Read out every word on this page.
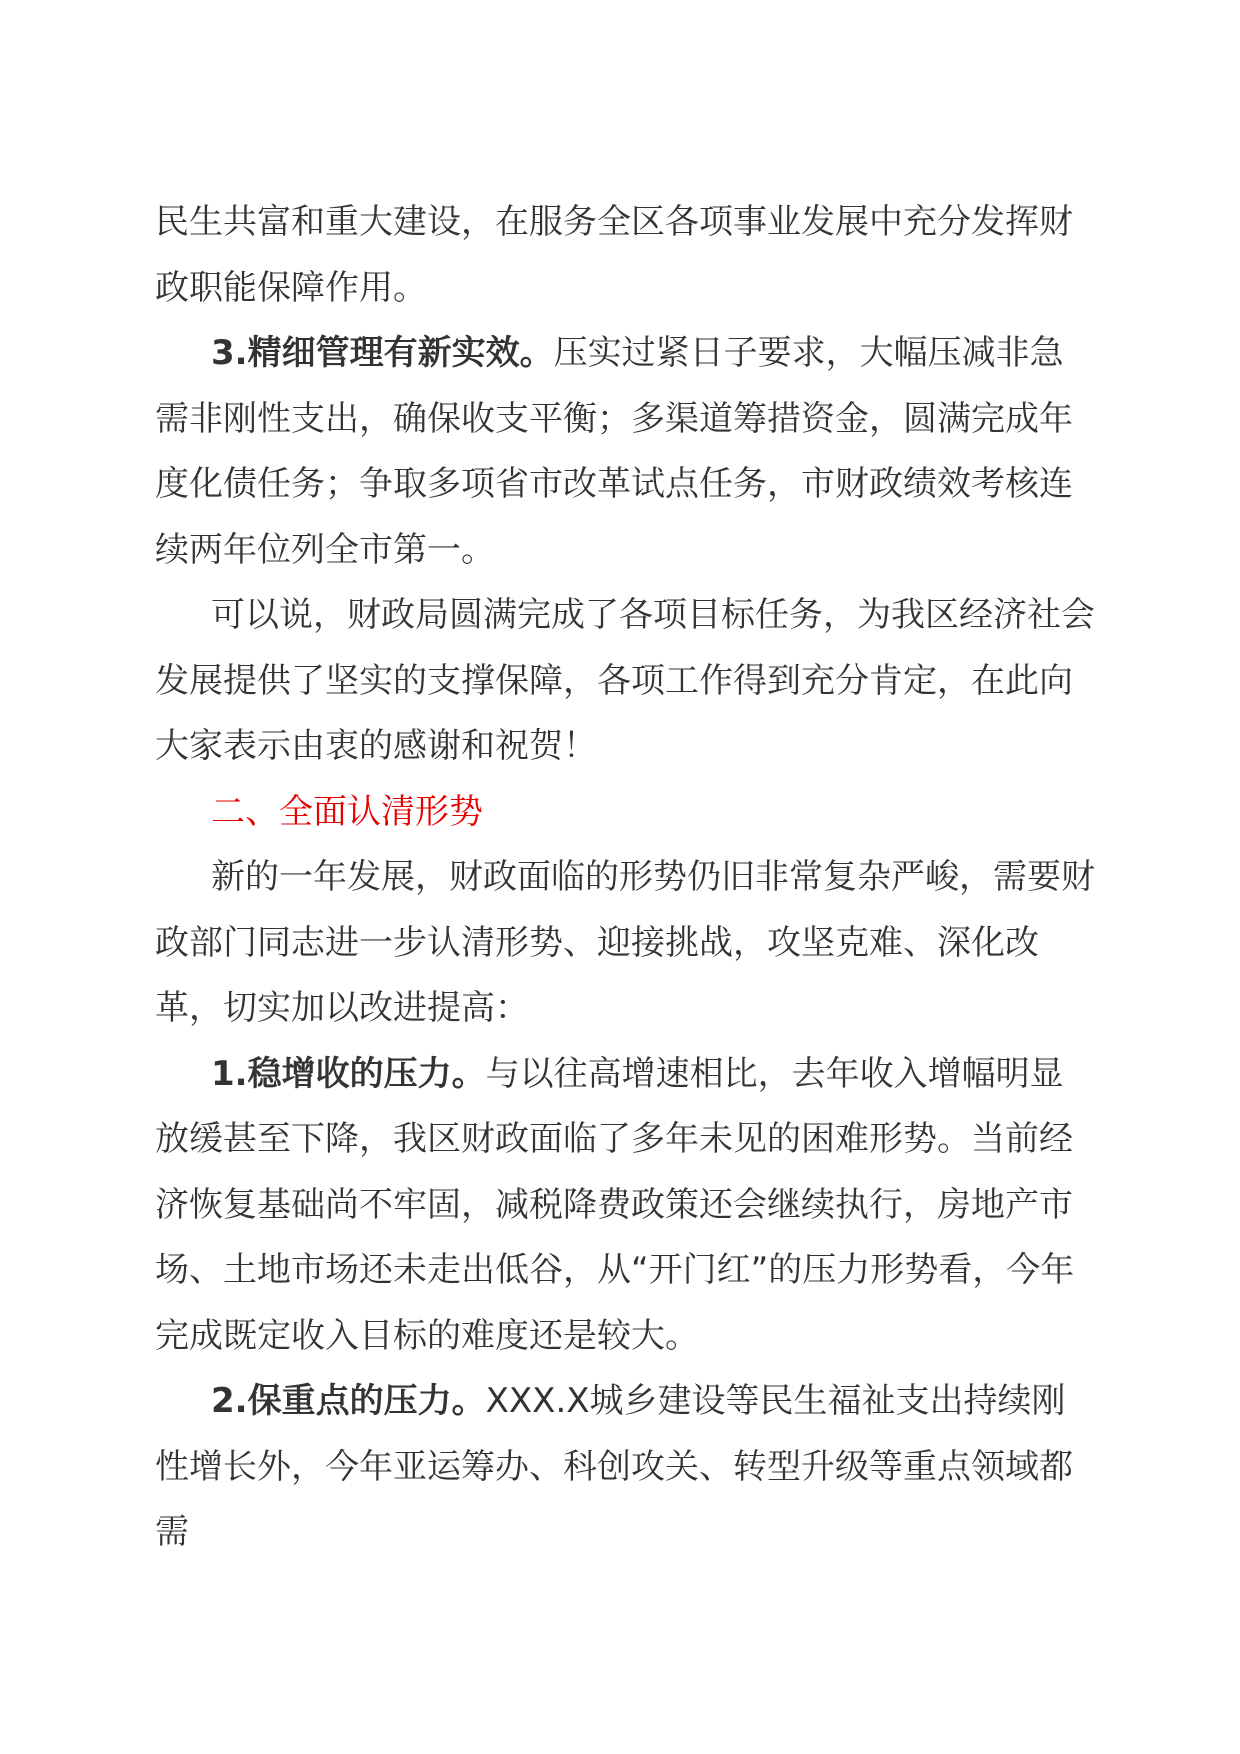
民生共富和重大建设，在服务全区各项事业发展中充分发挥财政职能保障作用。

3.精细管理有新实效。压实过紧日子要求，大幅压减非急需非刚性支出，确保收支平衡；多渠道筹措资金，圆满完成年度化债任务；争取多项省市改革试点任务，市财政绩效考核连续两年位列全市第一。

可以说，财政局圆满完成了各项目标任务，为我区经济社会发展提供了坚实的支撑保障，各项工作得到充分肯定，在此向大家表示由衷的感谢和祝贺！

二、全面认清形势

新的一年发展，财政面临的形势仍旧非常复杂严峻，需要财政部门同志进一步认清形势、迎接挑战，攻坚克难、深化改革，切实加以改进提高：

1.稳增收的压力。与以往高增速相比，去年收入增幅明显放缓甚至下降，我区财政面临了多年未见的困难形势。当前经济恢复基础尚不牢固，减税降费政策还会继续执行，房地产市场、土地市场还未走出低谷，从“开门红”的压力形势看，今年完成既定收入目标的难度还是较大。

2.保重点的压力。XXX.X城乡建设等民生福祉支出持续刚性增长外，今年亚运筹办、科创攻关、转型升级等重点领域都需
